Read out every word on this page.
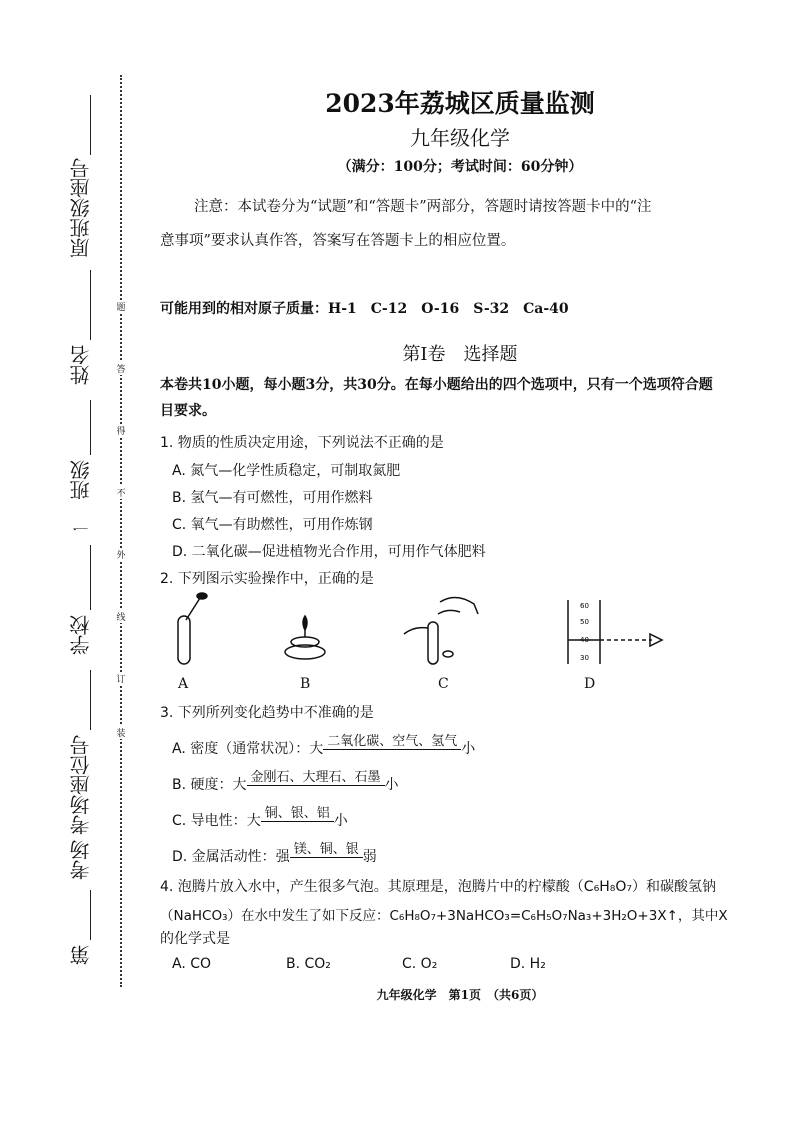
原班级座号
姓名
班级
一
学校
考场座位号
考场
第
题
答
得
不
外
线
订
装
2023年荔城区质量监测
九年级化学
（满分：100分；考试时间：60分钟）
注意：本试卷分为“试题”和“答题卡”两部分，答题时请按答题卡中的“注
意事项”要求认真作答，答案写在答题卡上的相应位置。
可能用到的相对原子质量：H-1　C-12　O-16　S-32　Ca-40
第Ⅰ卷　选择题
本卷共10小题，每小题3分，共30分。在每小题给出的四个选项中，只有一个选项符合题
目要求。
1. 物质的性质决定用途，下列说法不正确的是
A. 氮气—化学性质稳定，可制取氮肥
B. 氢气—有可燃性，可用作燃料
C. 氧气—有助燃性，可用作炼钢
D. 二氧化碳—促进植物光合作用，可用作气体肥料
2. 下列图示实验操作中，正确的是
60
50
40
30
A	B	C	D
3. 下列所列变化趋势中不准确的是
A. 密度（通常状况）：大 二氧化碳、空气、氢气 小
B. 硬度：大 金刚石、大理石、石墨 小
C. 导电性：大 铜、银、铝 小
D. 金属活动性：强 镁、铜、银 弱
4. 泡腾片放入水中，产生很多气泡。其原理是，泡腾片中的柠檬酸（C₆H₈O₇）和碳酸氢钠
（NaHCO₃）在水中发生了如下反应：C₆H₈O₇+3NaHCO₃=C₆H₅O₇Na₃+3H₂O+3X↑，其中X
的化学式是
A. CO	B. CO₂	C. O₂	D. H₂
九年级化学　第1页　（共6页）
